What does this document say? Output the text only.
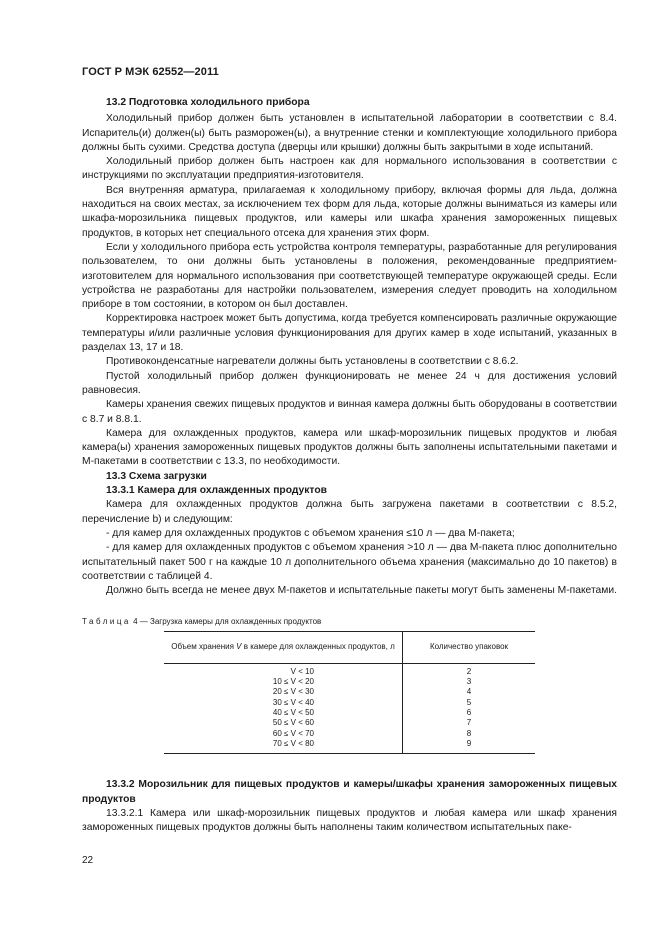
ГОСТ Р МЭК 62552—2011

13.2 Подготовка холодильного прибора

Холодильный прибор должен быть установлен в испытательной лаборатории в соответствии с 8.4. Испаритель(и) должен(ы) быть разморожен(ы), а внутренние стенки и комплектующие холодильного прибора должны быть сухими. Средства доступа (дверцы или крышки) должны быть закрытыми в ходе испытаний.

Холодильный прибор должен быть настроен как для нормального использования в соответствии с инструкциями по эксплуатации предприятия-изготовителя.

Вся внутренняя арматура, прилагаемая к холодильному прибору, включая формы для льда, должна находиться на своих местах, за исключением тех форм для льда, которые должны выниматься из камеры или шкафа-морозильника пищевых продуктов, или камеры или шкафа хранения замороженных пищевых продуктов, в которых нет специального отсека для хранения этих форм.

Если у холодильного прибора есть устройства контроля температуры, разработанные для регулирования пользователем, то они должны быть установлены в положения, рекомендованные предприятием-изготовителем для нормального использования при соответствующей температуре окружающей среды. Если устройства не разработаны для настройки пользователем, измерения следует проводить на холодильном приборе в том состоянии, в котором он был доставлен.

Корректировка настроек может быть допустима, когда требуется компенсировать различные окружающие температуры и/или различные условия функционирования для других камер в ходе испытаний, указанных в разделах 13, 17 и 18.

Противоконденсатные нагреватели должны быть установлены в соответствии с 8.6.2.

Пустой холодильный прибор должен функционировать не менее 24 ч для достижения условий равновесия.

Камеры хранения свежих пищевых продуктов и винная камера должны быть оборудованы в соответствии с 8.7 и 8.8.1.

Камера для охлажденных продуктов, камера или шкаф-морозильник пищевых продуктов и любая камера(ы) хранения замороженных пищевых продуктов должны быть заполнены испытательными пакетами и М-пакетами в соответствии с 13.3, по необходимости.

13.3 Схема загрузки

13.3.1 Камера для охлажденных продуктов

Камера для охлажденных продуктов должна быть загружена пакетами в соответствии с 8.5.2, перечисление b) и следующим:

- для камер для охлажденных продуктов с объемом хранения ≤10 л — два М-пакета;

- для камер для охлажденных продуктов с объемом хранения >10 л — два М-пакета плюс дополнительно испытательный пакет 500 г на каждые 10 л дополнительного объема хранения (максимально до 10 пакетов) в соответствии с таблицей 4.

Должно быть всегда не менее двух М-пакетов и испытательные пакеты могут быть заменены М-пакетами.

Таблица 4 — Загрузка камеры для охлажденных продуктов

Объем хранения V в камере для охлажденных продуктов, л	Количество упаковок
V < 10	2
10 ≤ V < 20	3
20 ≤ V < 30	4
30 ≤ V < 40	5
40 ≤ V < 50	6
50 ≤ V < 60	7
60 ≤ V < 70	8
70 ≤ V < 80	9

13.3.2 Морозильник для пищевых продуктов и камеры/шкафы хранения замороженных пищевых продуктов

13.3.2.1 Камера или шкаф-морозильник пищевых продуктов и любая камера или шкаф хранения замороженных пищевых продуктов должны быть наполнены таким количеством испытательных паке-

22
